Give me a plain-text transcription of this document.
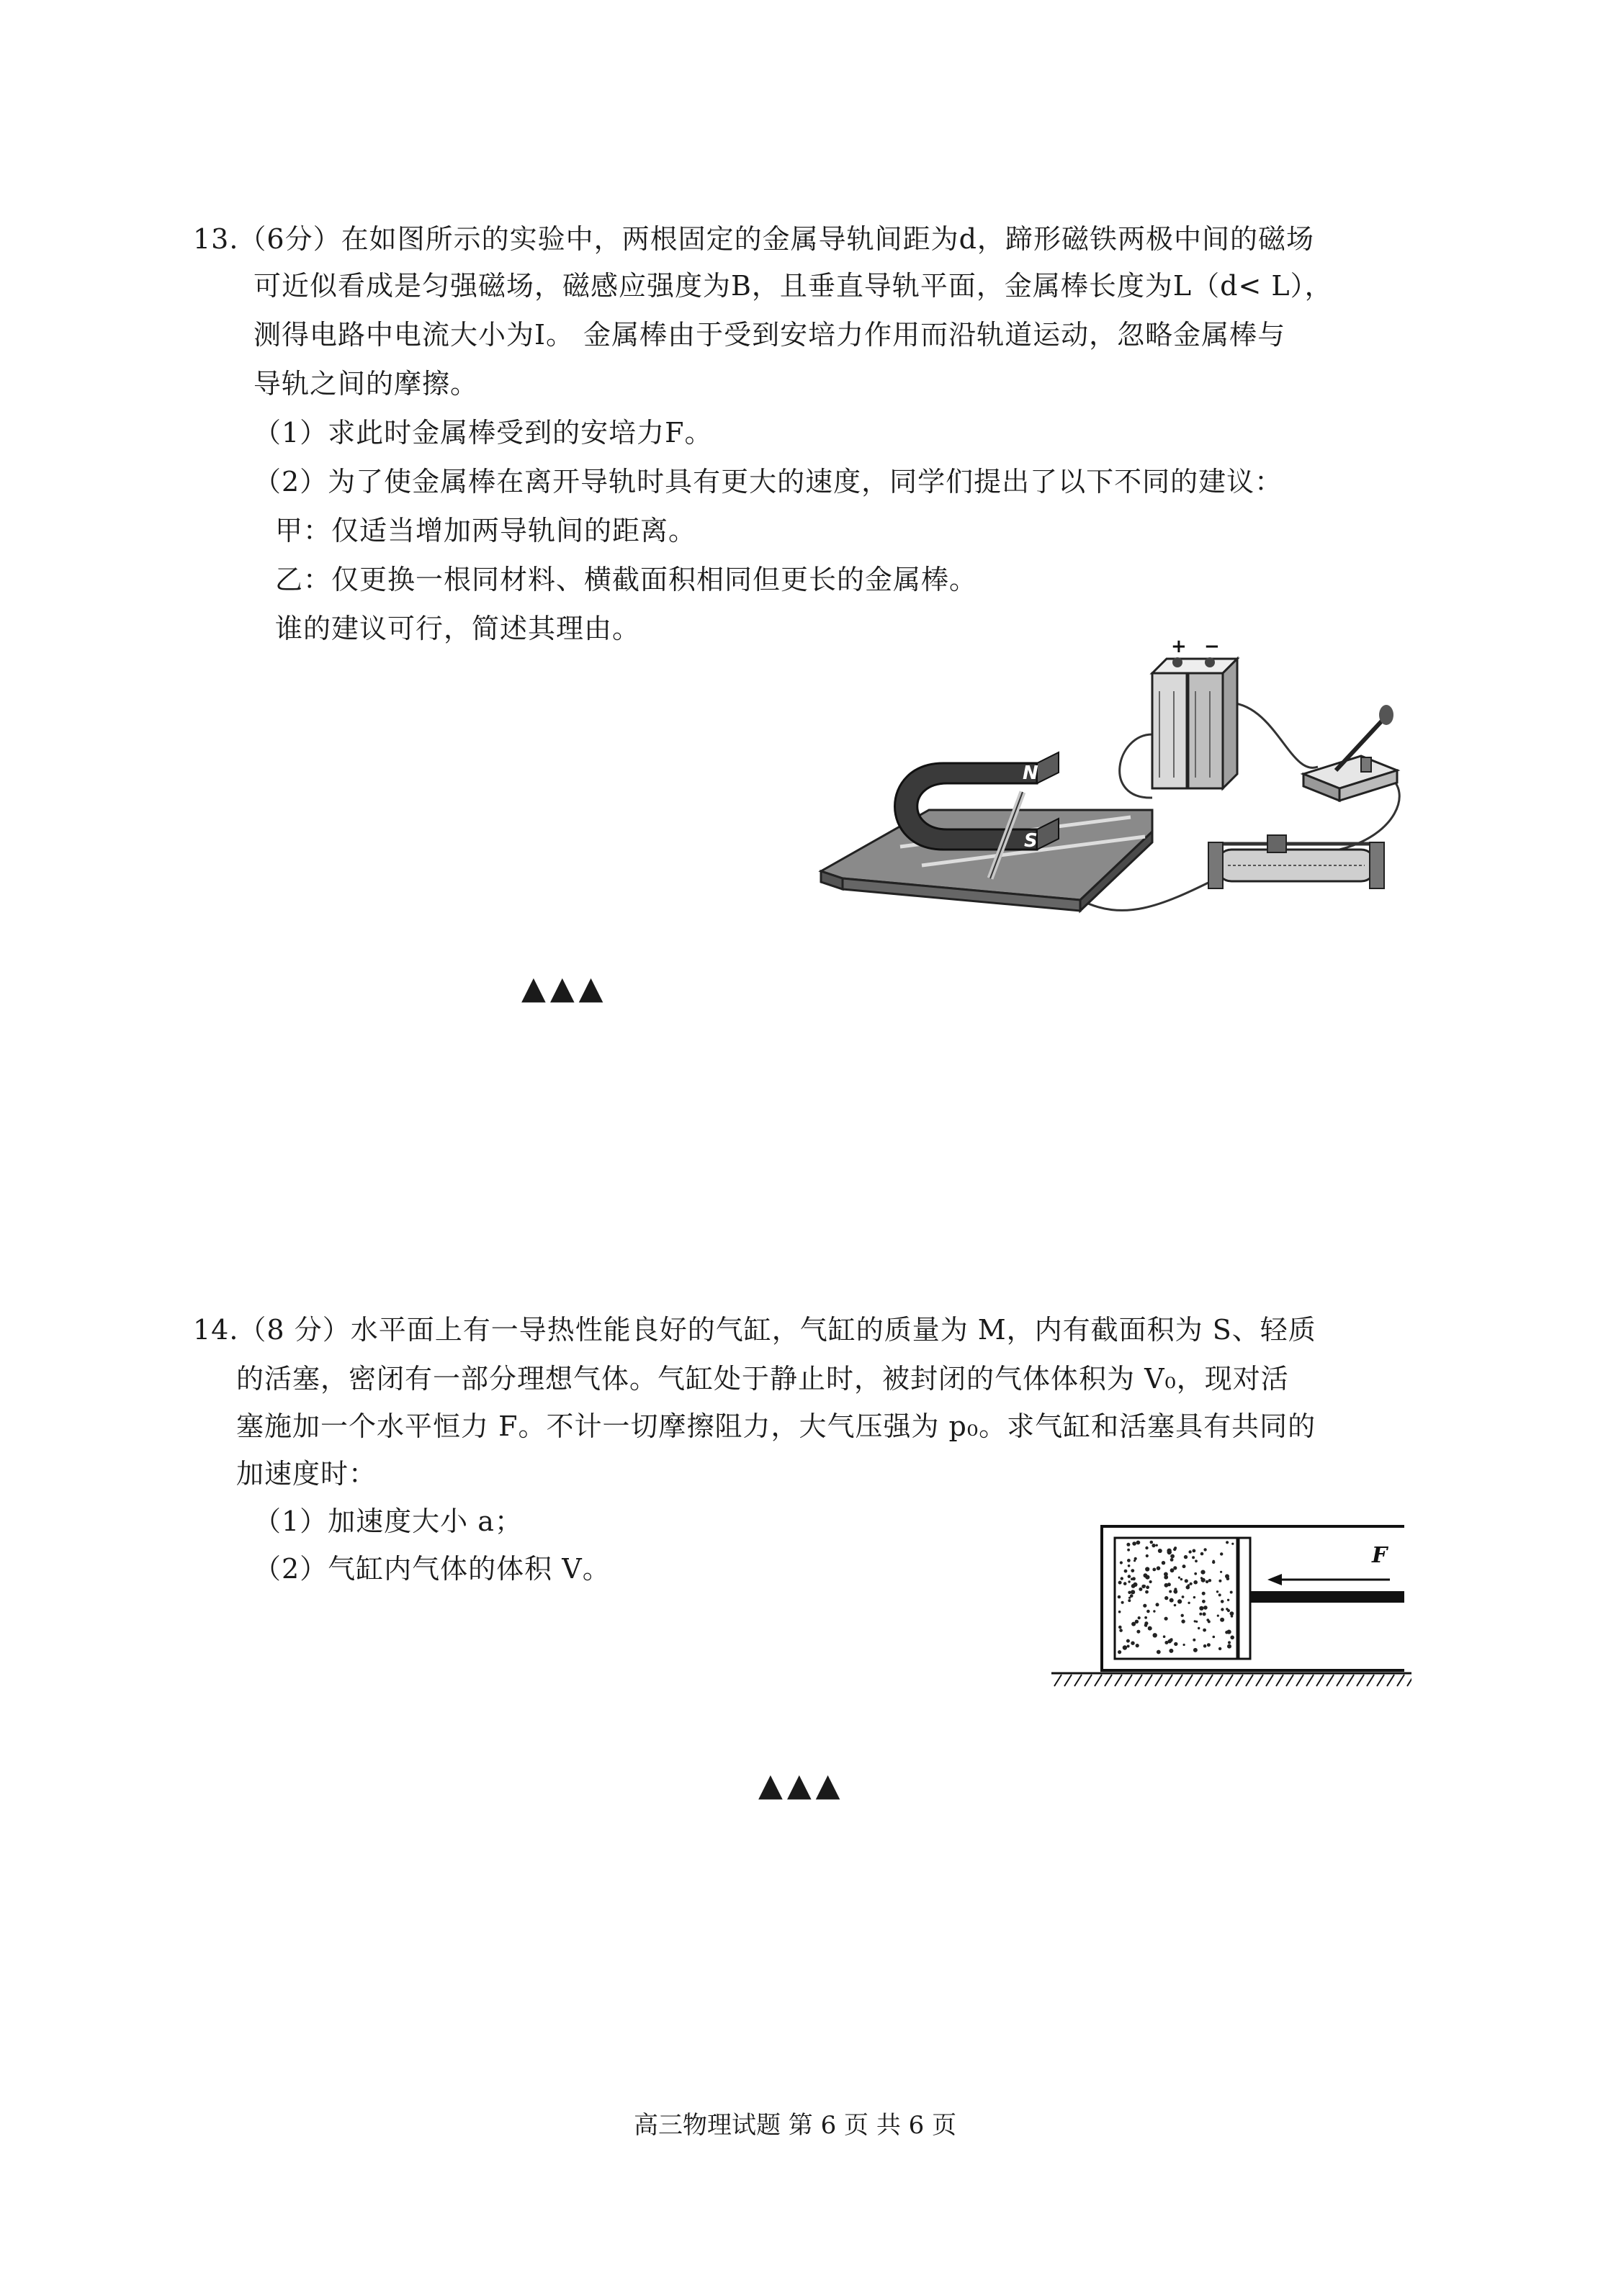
13.（6分）在如图所示的实验中，两根固定的金属导轨间距为d，蹄形磁铁两极中间的磁场
可近似看成是匀强磁场，磁感应强度为B，且垂直导轨平面，金属棒长度为L（d< L），
测得电路中电流大小为I。 金属棒由于受到安培力作用而沿轨道运动，忽略金属棒与
导轨之间的摩擦。
（1）求此时金属棒受到的安培力F。
（2）为了使金属棒在离开导轨时具有更大的速度，同学们提出了以下不同的建议：
甲：仅适当增加两导轨间的距离。
乙：仅更换一根同材料、横截面积相同但更长的金属棒。
谁的建议可行，简述其理由。
+ −
N
S
▲▲▲
14.（8 分）水平面上有一导热性能良好的气缸，气缸的质量为 M，内有截面积为 S、轻质
的活塞，密闭有一部分理想气体。气缸处于静止时，被封闭的气体体积为 V₀，现对活
塞施加一个水平恒力 F。不计一切摩擦阻力，大气压强为 p₀。求气缸和活塞具有共同的
加速度时：
（1）加速度大小 a；
（2）气缸内气体的体积 V。	F
▲▲▲
高三物理试题 第 6 页 共 6 页
